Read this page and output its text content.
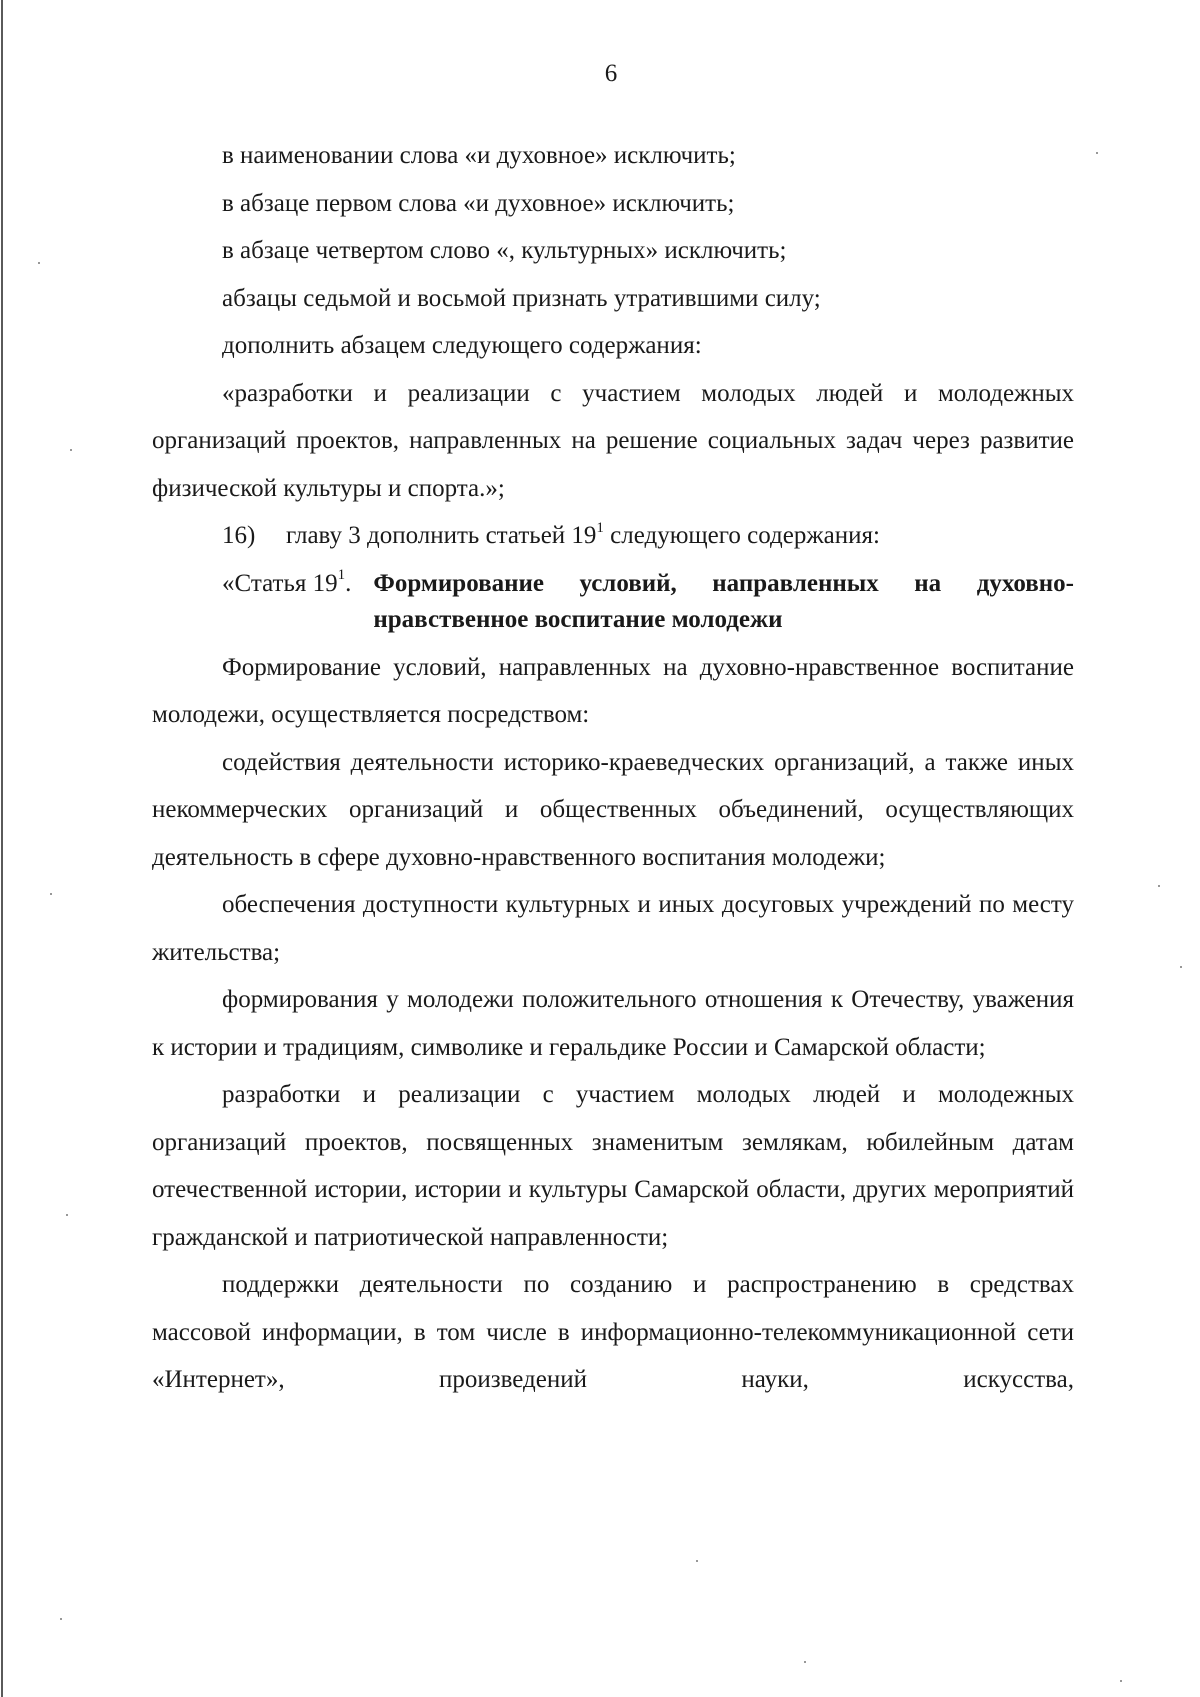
6

в наименовании слова «и духовное» исключить;

в абзаце первом слова «и духовное» исключить;

в абзаце четвертом слово «, культурных» исключить;

абзацы седьмой и восьмой признать утратившими силу;

дополнить абзацем следующего содержания:

«разработки и реализации с участием молодых людей и молодежных организаций проектов, направленных на решение социальных задач через развитие физической культуры и спорта.»;

16) главу 3 дополнить статьей $19^1$ следующего содержания:

«Статья $19^1$. Формирование условий, направленных на духовно-нравственное воспитание молодежи

Формирование условий, направленных на духовно-нравственное воспитание молодежи, осуществляется посредством:

содействия деятельности историко-краеведческих организаций, а также иных некоммерческих организаций и общественных объединений, осуществляющих деятельность в сфере духовно-нравственного воспитания молодежи;

обеспечения доступности культурных и иных досуговых учреждений по месту жительства;

формирования у молодежи положительного отношения к Отечеству, уважения к истории и традициям, символике и геральдике России и Самарской области;

разработки и реализации с участием молодых людей и молодежных организаций проектов, посвященных знаменитым землякам, юбилейным датам отечественной истории, истории и культуры Самарской области, других мероприятий гражданской и патриотической направленности;

поддержки деятельности по созданию и распространению в средствах массовой информации, в том числе в информационно-телекоммуникационной сети «Интернет», произведений науки, искусства,
